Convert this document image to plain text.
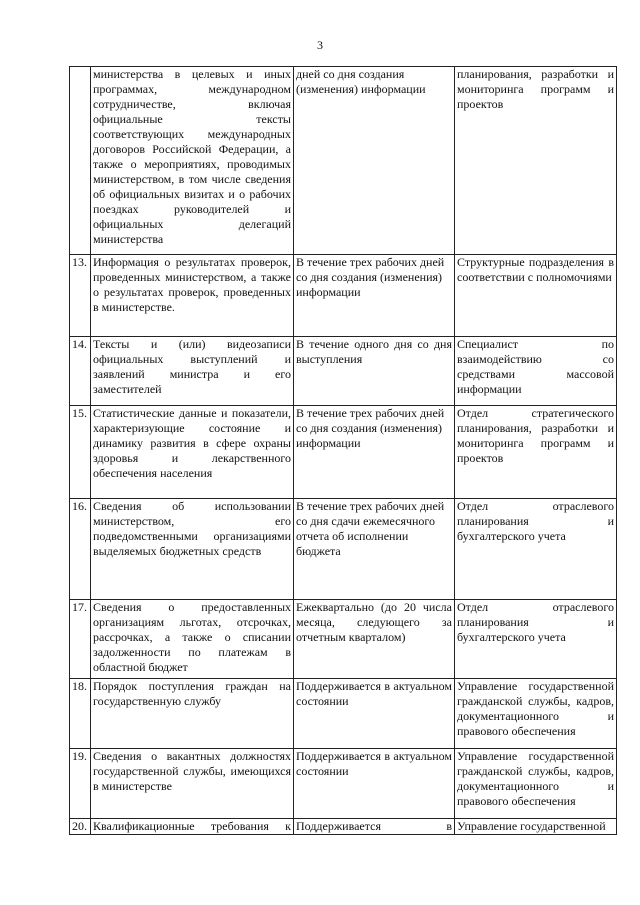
3
	министерства в целевых и иных программах, международном сотрудничестве, включая официальные тексты соответствующих международных договоров Российской Федерации, а также о мероприятиях, проводимых министерством, в том числе сведения об официальных визитах и о рабочих поездках руководителей и официальных делегаций министерства	дней со дня создания (изменения) информации	планирования, разработки и мониторинга программ и проектов
13.	Информация о результатах проверок, проведенных министерством, а также о результатах проверок, проведенных в министерстве.	В течение трех рабочих дней со дня создания (изменения) информации	Структурные подразделения в соответствии с полномочиями
14.	Тексты и (или) видеозаписи официальных выступлений и заявлений министра и его заместителей	В течение одного дня со дня выступления	Специалист по взаимодействию со средствами массовой информации
15.	Статистические данные и показатели, характеризующие состояние и динамику развития в сфере охраны здоровья и лекарственного обеспечения населения	В течение трех рабочих дней со дня создания (изменения) информации	Отдел стратегического планирования, разработки и мониторинга программ и проектов
16.	Сведения об использовании министерством, его подведомственными организациями выделяемых бюджетных средств	В течение трех рабочих дней со дня сдачи ежемесячного отчета об исполнении бюджета	Отдел отраслевого планирования и бухгалтерского учета
17.	Сведения о предоставленных организациям льготах, отсрочках, рассрочках, а также о списании задолженности по платежам в областной бюджет	Ежеквартально (до 20 числа месяца, следующего за отчетным кварталом)	Отдел отраслевого планирования и бухгалтерского учета
18.	Порядок поступления граждан на государственную службу	Поддерживается в актуальном состоянии	Управление государственной гражданской службы, кадров, документационного и правового обеспечения
19.	Сведения о вакантных должностях государственной службы, имеющихся в министерстве	Поддерживается в актуальном состоянии	Управление государственной гражданской службы, кадров, документационного и правового обеспечения
20.	Квалификационные требования к	Поддерживается в	Управление государственной
